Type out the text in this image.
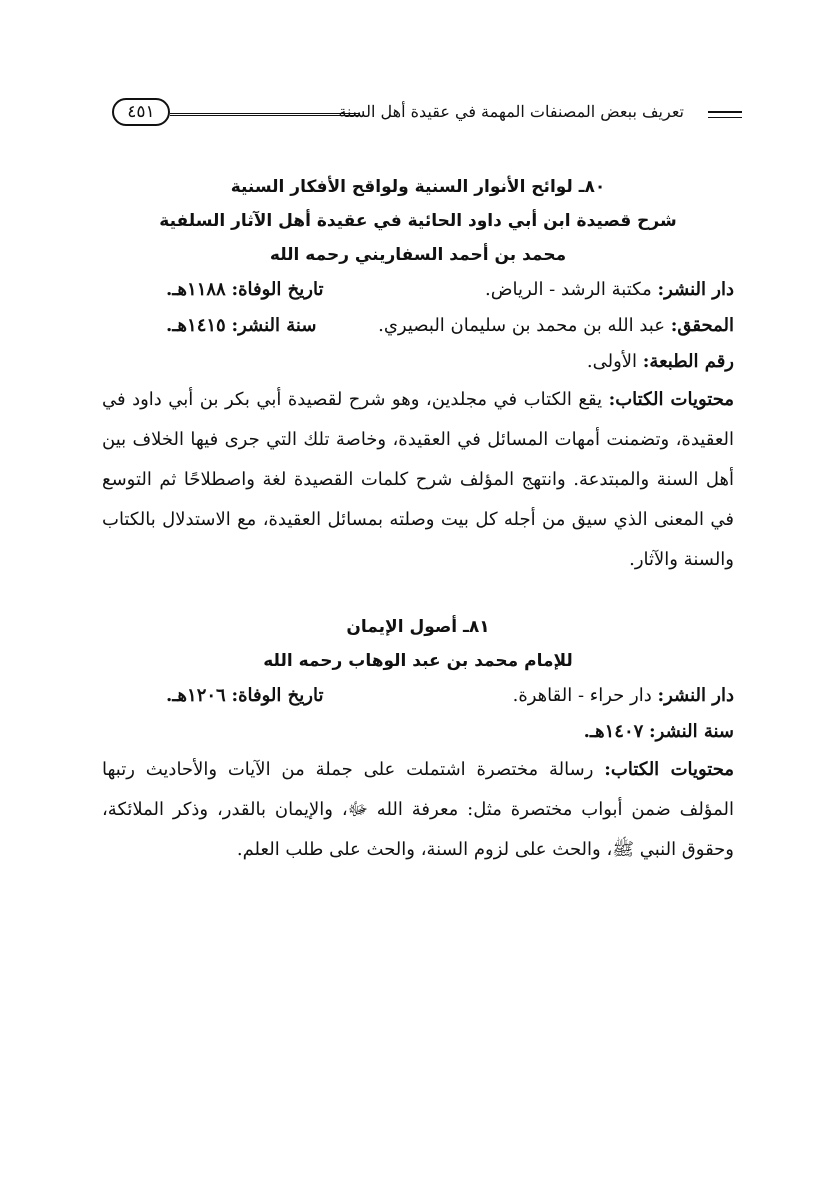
تعريف ببعض المصنفات المهمة في عقيدة أهل السنة
٤٥١
٨٠ـ لوائح الأنوار السنية ولواقح الأفكار السنية
شرح قصيدة ابن أبي داود الحائية في عقيدة أهل الآثار السلفية
محمد بن أحمد السفاريني رحمه الله
دار النشر: مكتبة الرشد - الرياض.
تاريخ الوفاة: ١١٨٨هـ.
المحقق: عبد الله بن محمد بن سليمان البصيري.
سنة النشر: ١٤١٥هـ.
رقم الطبعة: الأولى.

محتويات الكتاب: يقع الكتاب في مجلدين، وهو شرح لقصيدة أبي بكر بن أبي داود في العقيدة، وتضمنت أمهات المسائل في العقيدة، وخاصة تلك التي جرى فيها الخلاف بين أهل السنة والمبتدعة. وانتهج المؤلف شرح كلمات القصيدة لغة واصطلاحًا ثم التوسع في المعنى الذي سيق من أجله كل بيت وصلته بمسائل العقيدة، مع الاستدلال بالكتاب والسنة والآثار.

٨١ـ أصول الإيمان
للإمام محمد بن عبد الوهاب رحمه الله
دار النشر: دار حراء - القاهرة.
تاريخ الوفاة: ١٢٠٦هـ.
سنة النشر: ١٤٠٧هـ.

محتويات الكتاب: رسالة مختصرة اشتملت على جملة من الآيات والأحاديث رتبها المؤلف ضمن أبواب مختصرة مثل: معرفة الله ﷻ، والإيمان بالقدر، وذكر الملائكة، وحقوق النبي ﷺ، والحث على لزوم السنة، والحث على طلب العلم.
